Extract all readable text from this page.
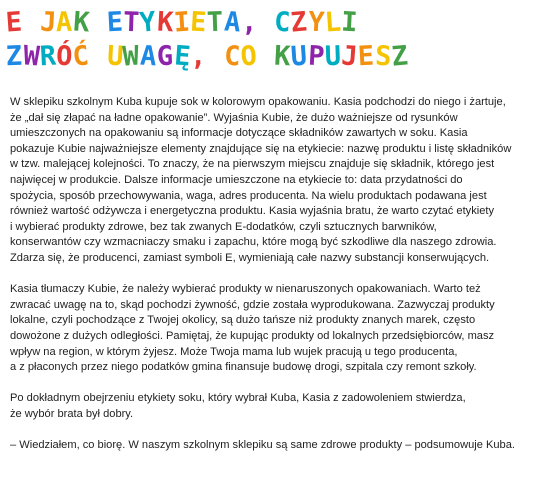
E JAK ETYKIETA, CZYLI
ZWRÓĆ UWAGĘ, CO KUPUJESZ

W sklepiku szkolnym Kuba kupuje sok w kolorowym opakowaniu. Kasia podchodzi do niego i żartuje,
że „dał się złapać na ładne opakowanie”. Wyjaśnia Kubie, że dużo ważniejsze od rysunków
umieszczonych na opakowaniu są informacje dotyczące składników zawartych w soku. Kasia
pokazuje Kubie najważniejsze elementy znajdujące się na etykiecie: nazwę produktu i listę składników
w tzw. malejącej kolejności. To znaczy, że na pierwszym miejscu znajduje się składnik, którego jest
najwięcej w produkcie. Dalsze informacje umieszczone na etykiecie to: data przydatności do
spożycia, sposób przechowywania, waga, adres producenta. Na wielu produktach podawana jest
również wartość odżywcza i energetyczna produktu. Kasia wyjaśnia bratu, że warto czytać etykiety
i wybierać produkty zdrowe, bez tak zwanych E-dodatków, czyli sztucznych barwników,
konserwantów czy wzmacniaczy smaku i zapachu, które mogą być szkodliwe dla naszego zdrowia.
Zdarza się, że producenci, zamiast symboli E, wymieniają całe nazwy substancji konserwujących.

Kasia tłumaczy Kubie, że należy wybierać produkty w nienaruszonych opakowaniach. Warto też
zwracać uwagę na to, skąd pochodzi żywność, gdzie została wyprodukowana. Zazwyczaj produkty
lokalne, czyli pochodzące z Twojej okolicy, są dużo tańsze niż produkty znanych marek, często
dowożone z dużych odległości. Pamiętaj, że kupując produkty od lokalnych przedsiębiorców, masz
wpływ na region, w którym żyjesz. Może Twoja mama lub wujek pracują u tego producenta,
a z płaconych przez niego podatków gmina finansuje budowę drogi, szpitala czy remont szkoły.

Po dokładnym obejrzeniu etykiety soku, który wybrał Kuba, Kasia z zadowoleniem stwierdza,
że wybór brata był dobry.

– Wiedziałem, co biorę. W naszym szkolnym sklepiku są same zdrowe produkty – podsumowuje Kuba.
